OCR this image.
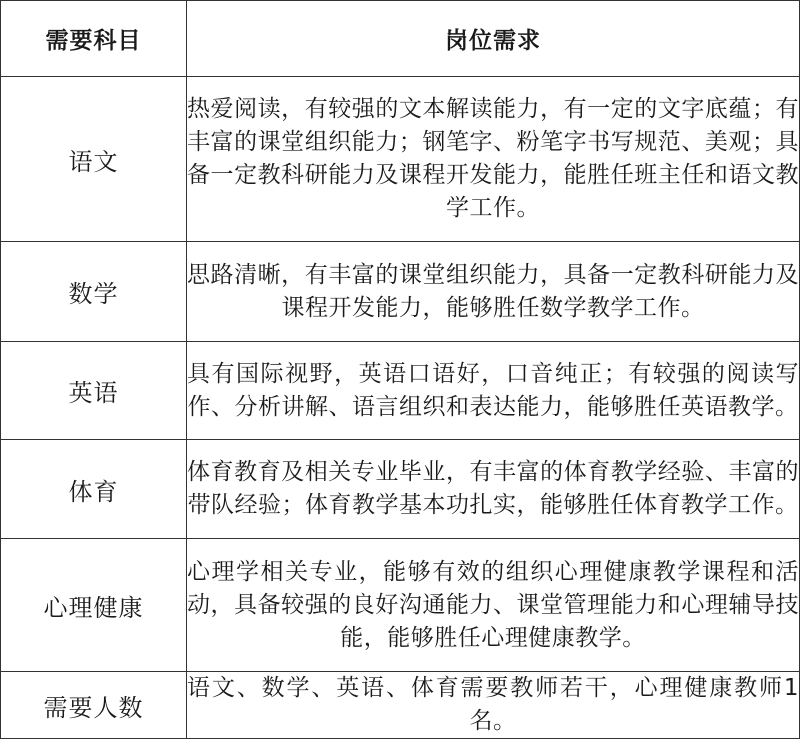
需要科目	岗位需求
语文	热爱阅读，有较强的文本解读能力，有一定的文字底蕴；有丰富的课堂组织能力；钢笔字、粉笔字书写规范、美观；具备一定教科研能力及课程开发能力，能胜任班主任和语文教学工作。
数学	思路清晰，有丰富的课堂组织能力，具备一定教科研能力及课程开发能力，能够胜任数学教学工作。
英语	具有国际视野，英语口语好，口音纯正；有较强的阅读写作、分析讲解、语言组织和表达能力，能够胜任英语教学。
体育	体育教育及相关专业毕业，有丰富的体育教学经验、丰富的带队经验；体育教学基本功扎实，能够胜任体育教学工作。
心理健康	心理学相关专业，能够有效的组织心理健康教学课程和活动，具备较强的良好沟通能力、课堂管理能力和心理辅导技能，能够胜任心理健康教学。
需要人数	语文、数学、英语、体育需要教师若干，心理健康教师1名。
